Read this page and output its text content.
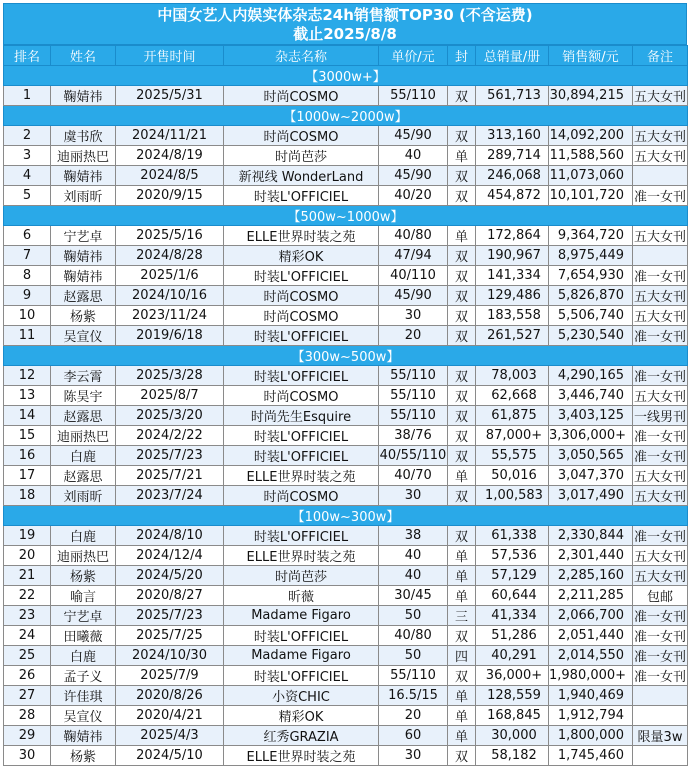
中国女艺人内娱实体杂志24h销售额TOP30 (不含运费)
截止2025/8/8
排名	姓名	开售时间	杂志名称	单价/元	封	总销量/册	销售额/元	备注
【3000w+】								
1	鞠婧祎	2025/5/31	时尚COSMO	55/110	双	561,713	30,894,215	五大女刊
【1000w~2000w】								
2	虞书欣	2024/11/21	时尚COSMO	45/90	双	313,160	14,092,200	五大女刊
3	迪丽热巴	2024/8/19	时尚芭莎	40	单	289,714	11,588,560	五大女刊
4	鞠婧祎	2024/8/5	新视线 WonderLand	45/90	双	246,068	11,073,060	
5	刘雨昕	2020/9/15	时装L'OFFICIEL	40/20	双	454,872	10,101,720	准一女刊
【500w~1000w】								
6	宁艺卓	2025/5/16	ELLE世界时装之苑	40/80	单	172,864	9,364,720	五大女刊
7	鞠婧祎	2024/8/28	精彩OK	47/94	双	190,967	8,975,449	
8	鞠婧祎	2025/1/6	时装L'OFFICIEL	40/110	双	141,334	7,654,930	准一女刊
9	赵露思	2024/10/16	时尚COSMO	45/90	双	129,486	5,826,870	五大女刊
10	杨紫	2023/11/24	时尚COSMO	30	双	183,558	5,506,740	五大女刊
11	吴宣仪	2019/6/18	时装L'OFFICIEL	20	双	261,527	5,230,540	准一女刊
【300w~500w】								
12	李云霄	2025/3/28	时装L'OFFICIEL	55/110	双	78,003	4,290,165	准一女刊
13	陈昊宇	2025/8/7	时尚COSMO	55/110	双	62,668	3,446,740	五大女刊
14	赵露思	2025/3/20	时尚先生Esquire	55/110	双	61,875	3,403,125	一线男刊
15	迪丽热巴	2024/2/22	时装L'OFFICIEL	38/76	双	87,000+	3,306,000+	准一女刊
16	白鹿	2025/7/23	时装L'OFFICIEL	40/55/110	双	55,575	3,050,565	准一女刊
17	赵露思	2025/7/21	ELLE世界时装之苑	40/70	单	50,016	3,047,370	五大女刊
18	刘雨昕	2023/7/24	时尚COSMO	30	双	1,00,583	3,017,490	五大女刊
【100w~300w】								
19	白鹿	2024/8/10	时装L'OFFICIEL	38	双	61,338	2,330,844	准一女刊
20	迪丽热巴	2024/12/4	ELLE世界时装之苑	40	单	57,536	2,301,440	五大女刊
21	杨紫	2024/5/20	时尚芭莎	40	单	57,129	2,285,160	五大女刊
22	喻言	2020/8/27	昕薇	30/45	单	60,644	2,211,285	包邮
23	宁艺卓	2025/7/23	Madame Figaro	50	三	41,334	2,066,700	准一女刊
24	田曦薇	2025/7/25	时装L'OFFICIEL	40/80	双	51,286	2,051,440	准一女刊
25	白鹿	2024/10/30	Madame Figaro	50	四	40,291	2,014,550	准一女刊
26	孟子义	2025/7/9	时装L'OFFICIEL	55/110	双	36,000+	1,980,000+	准一女刊
27	许佳琪	2020/8/26	小资CHIC	16.5/15	单	128,559	1,940,469	
28	吴宣仪	2020/4/21	精彩OK	20	单	168,845	1,912,794	
29	鞠婧祎	2025/4/3	红秀GRAZIA	60	单	30,000	1,800,000	限量3w
30	杨紫	2024/5/10	ELLE世界时装之苑	30	双	58,182	1,745,460	
